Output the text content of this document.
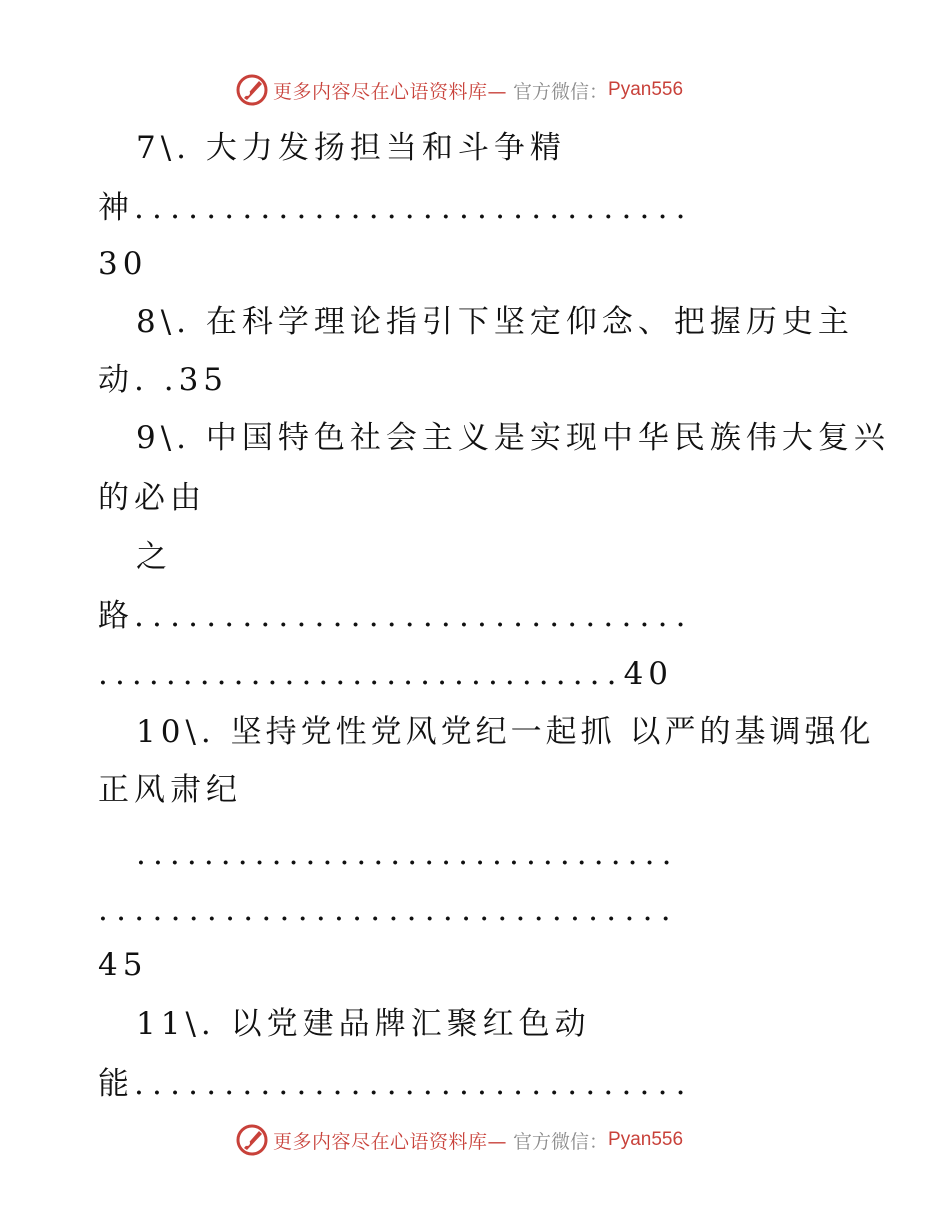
更多内容尽在心语资料库— 官方微信： Pyan556
7\. 大力发扬担当和斗争精
神...............................
30
8\. 在科学理论指引下坚定仰念、把握历史主
动. .35
9\. 中国特色社会主义是实现中华民族伟大复兴
的必由
之
路...............................
...............................40
10\. 坚持党性党风党纪一起抓 以严的基调强化
正风肃纪
................................
................................
45
11\. 以党建品牌汇聚红色动
能...............................
更多内容尽在心语资料库— 官方微信： Pyan556
